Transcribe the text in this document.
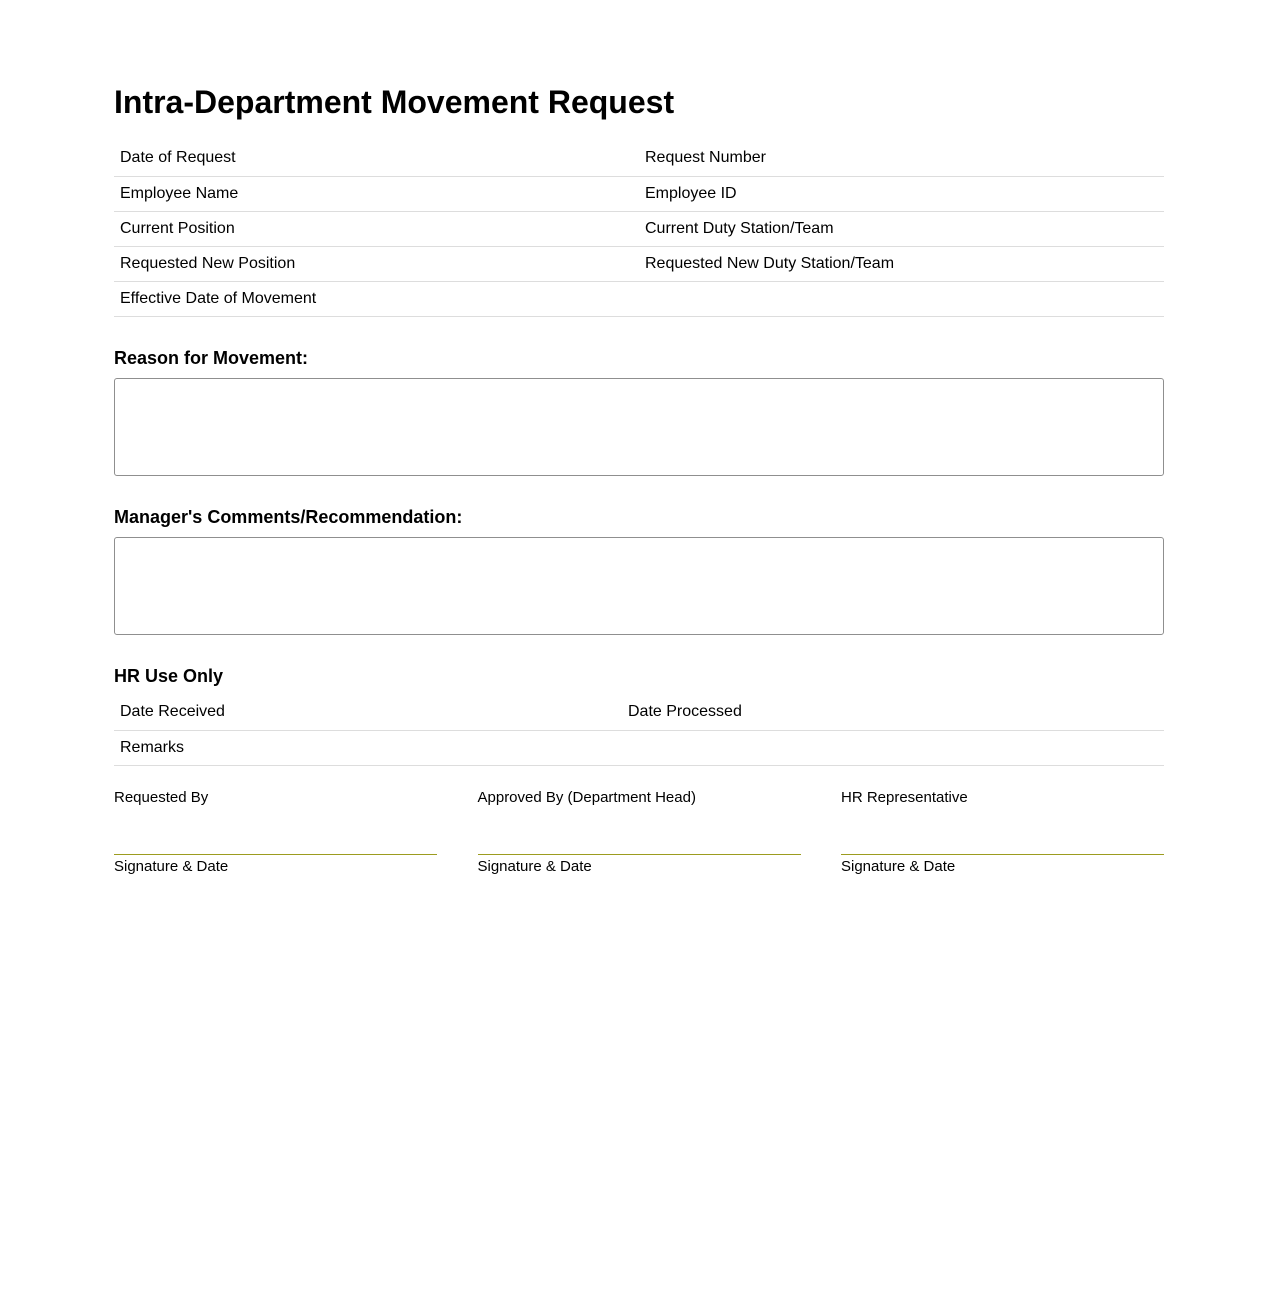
Intra-Department Movement Request
Date of Request	Request Number
Employee Name	Employee ID
Current Position	Current Duty Station/Team
Requested New Position	Requested New Duty Station/Team
Effective Date of Movement	
Reason for Movement:
Manager's Comments/Recommendation:
HR Use Only
Date Received	Date Processed
Remarks
Requested By
Signature & Date
Approved By (Department Head)
Signature & Date
HR Representative
Signature & Date
